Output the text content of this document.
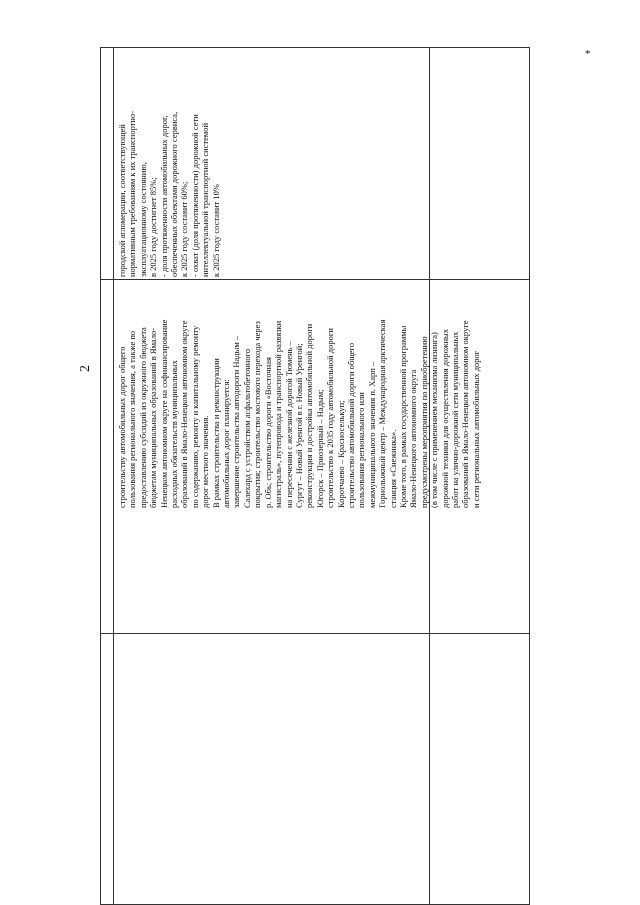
2
*
строительству автомобильных дорог общего пользования регионального значения, а также по предоставлению субсидий из окружного бюджета бюджетам муниципальных образований в Ямало- Ненецком автономном округе на софинансирование расходных обязательств муниципальных образований в Ямало-Ненецком автономном округе по содержанию, ремонту и капитальному ремонту дорог местного значения. В рамках строительства и реконструкции автомобильных дорог планируется: завершение строительства автодороги Надым – Салехард с устройством асфальтобетонного покрытия; строительство мостового перехода через р. Обь; строительство дороги «Восточная магистраль», путепровода и транспортной развязки на пересечении с железной дорогой Тюмень – Сургут – Новый Уренгой в г. Новый Уренгой; реконструкция и достройка автомобильной дороги Югорск – Приозерный – Надым; строительство к 2035 году автомобильной дороги Коротчаево – Красноселькуп; строительство автомобильной дороги общего пользования регионального или межмуниципального значения п. Харп – Горнолыжный центр – Международная арктическая станция «Снежинка». Кроме того, в рамках государственной программы Ямало-Ненецкого автономного округа предусмотрены мероприятия по приобретению (в том числе с применением механизма лизинга) дорожной техники для осуществления дорожных работ на улично-дорожной сети муниципальных образований в Ямало-Ненецком автономном округе и сети региональных автомобильных дорог
городской агломерации, соответствующей нормативным требованиям к их транспортно- эксплуатационному состоянию, в 2025 году достигнет 85%; - доля протяженности автомобильных дорог, обеспеченных объектами дорожного сервиса, к 2025 году составит 60%; - охват (доля протяженности) дорожной сети интеллектуальной транспортной системой к 2025 году составит 10%
